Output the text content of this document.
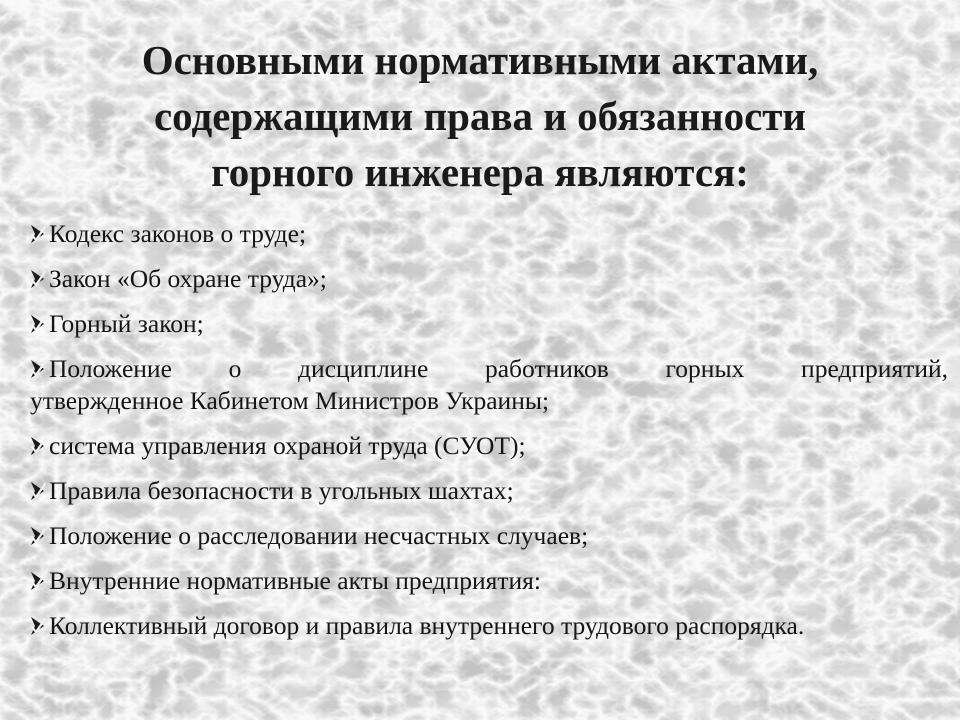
Основными нормативными актами,
содержащими права и обязанности
горного инженера являются:
Кодекс законов о труде;
Закон «Об охране труда»;
Горный закон;
Положение о дисциплине работников горных предприятий,
утвержденное Кабинетом Министров Украины;
система управления охраной труда (СУОТ);
Правила безопасности в угольных шахтах;
Положение о расследовании несчастных случаев;
Внутренние нормативные акты предприятия:
Коллективный договор и правила внутреннего трудового распорядка.
